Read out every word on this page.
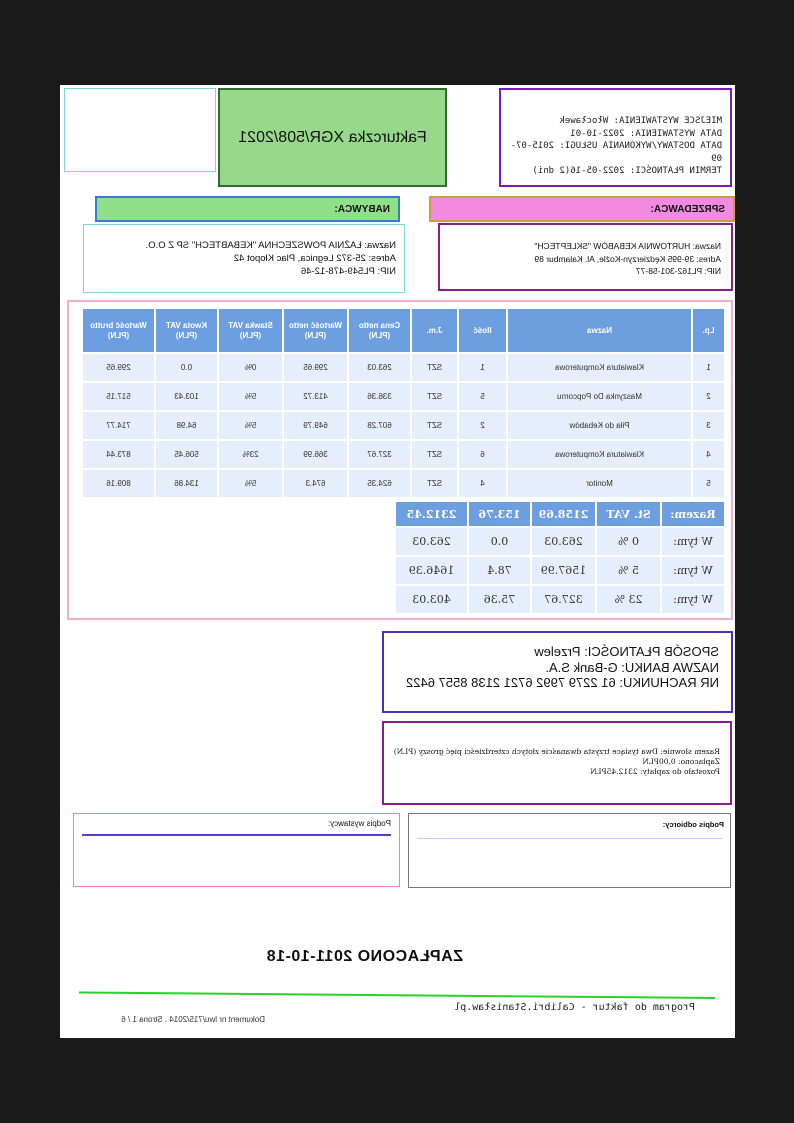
MIEJSCE WYSTAWIENIA: Włocławek
DATA WYSTAWIENIA: 2022-10-01
DATA DOSTAWY/WYKONANIA USŁUGI: 2015-07-09
TERMIN PŁATNOŚCI: 2022-05-16(2 dni)
Fakturczka XGR/508/2021
SPRZEDAWCA:
NABYWCA:
Nazwa: HURTOWNIA KEBABÓW "SKLEPTECH"
Adres: 39-995 Kędzierzyn-Koźle, Al. Kalambur 89
NIP: PL162-301-58-77
Nazwa: ŁAŹNIA POWSZECHNA "KEBABTECH" SP Z O.O.
Adres: 25-372 Legnica, Plac Kłopot 42
NIP: PL549-478-12-46
Lp.	Nazwa	Ilość	J.m.	Cena netto (PLN)	Wartość netto (PLN)	Stawka VAT (PLN)	Kwota VAT (PLN)	Wartość brutto (PLN)
1	Klawiatura Komputerowa	1	SZT	263.03	299.65	0%	0.0	299.65
2	Maszynka Do Popcornu	5	SZT	336.36	413.72	5%	103.43	517.15
3	Piła do Kebabów	2	SZT	607.28	649.79	5%	64.98	714.77
4	Klawiatura Komputerowa	6	SZT	327.67	366.99	23%	506.45	873.44
5	Monitor	4	SZT	624.35	674.3	5%	134.86	809.16
Razem:	St. VAT	2158.69	153.76	2312.45
W tym:	0 %	263.03	0.0	263.03
W tym:	5 %	1567.99	78.4	1646.39
W tym:	23 %	327.67	75.36	403.03
SPOSÓB PŁATNOŚCI: Przelew
NAZWA BANKU: G-Bank S.A.
NR RACHUNKU: 61 2279 7992 6721 2138 8557 6422
Razem słownie: Dwa tysiące trzysta dwanaście złotych czterdzieści pięć groszy (PLN)
Zapłacono: 0,00PLN
Pozostało do zapłaty: 2312.45PLN
Podpis odbiorcy:
Podpis wystawcy:
ZAPŁACONO 2011-10-18
Program do faktur - Calibri.Stanisław.pl
Dokument nr lwu/715/2014 . Strona 1 / 6
